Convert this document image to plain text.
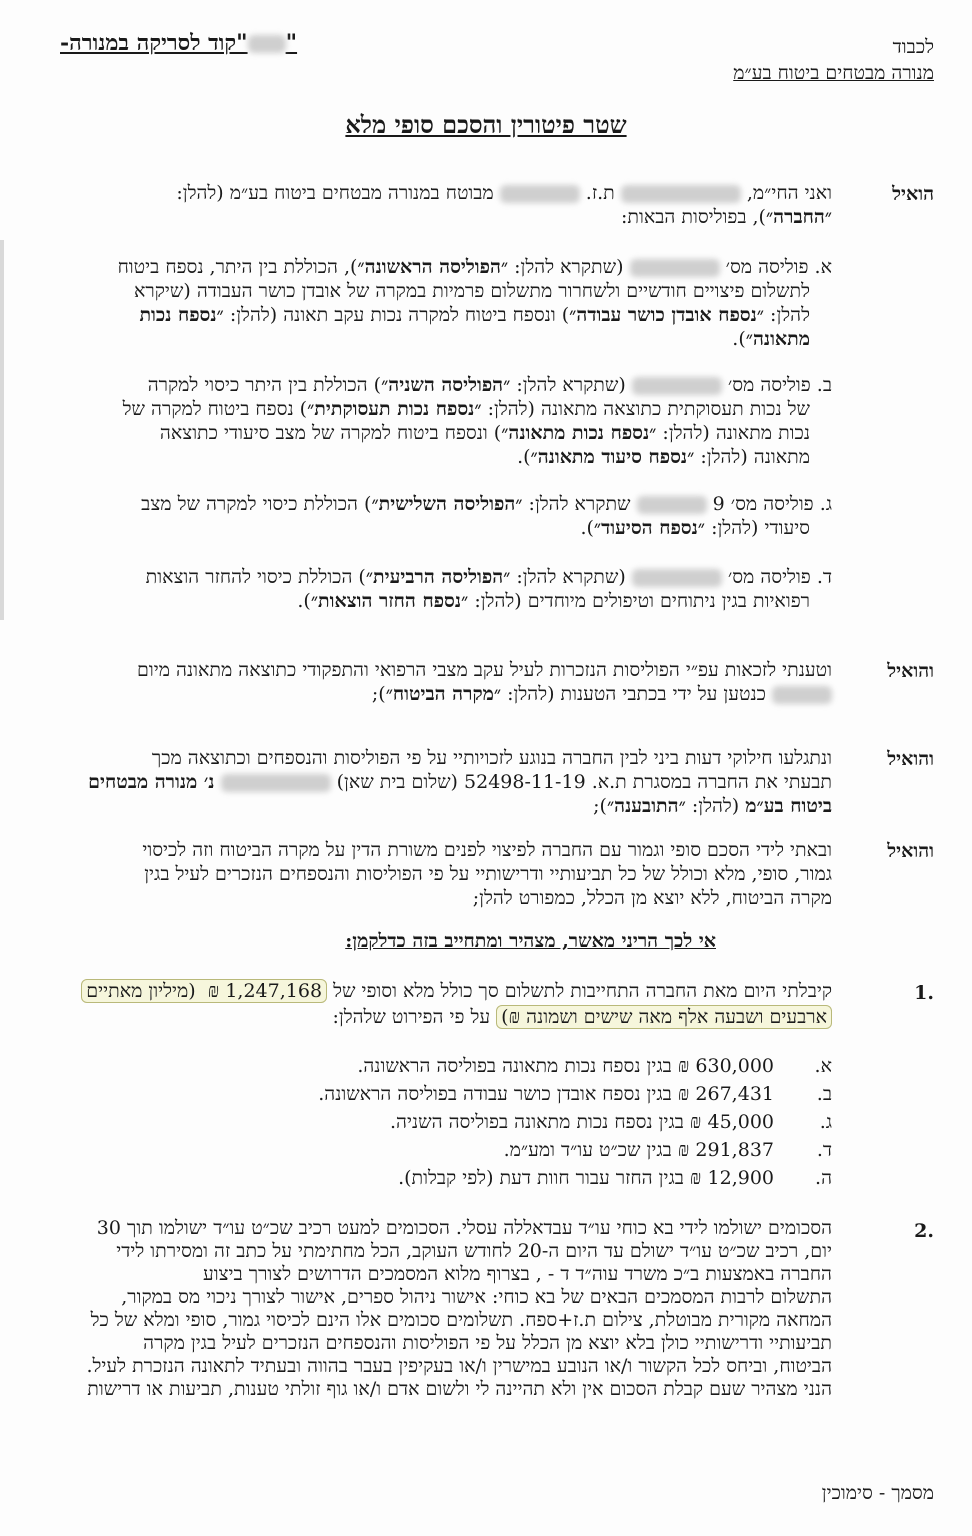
לכבוד
מנורה מבטחים ביטוח בע״מ
""קוד לסריקה במנורה-
שטר פיטורין והסכם סופי מלא
הואיל
ואני החי״מ,  ת.ז.  מבוטח במנורה מבטחים ביטוח בע״מ (להלן:
״החברה״), בפוליסות הבאות:
א. פוליסה מס׳  (שתקרא להלן: ״הפוליסה הראשונה״), הכוללת בין היתר, נספח ביטוח
לתשלום פיצויים חודשיים ולשחרור מתשלום פרמיות במקרה של אובדן כושר העבודה (שיקרא
להלן: ״נספח אובדן כושר עבודה״) ונספח ביטוח למקרה נכות עקב תאונה (להלן: ״נספח נכות
מתאונה״).
ב. פוליסה מס׳  (שתקרא להלן: ״הפוליסה השניה״) הכוללת בין היתר כיסוי למקרה
של נכות תעסוקתית כתוצאה מתאונה (להלן: ״נספח נכות תעסוקתית״) נספח ביטוח למקרה של
נכות מתאונה (להלן: ״נספח נכות מתאונה״) ונספח ביטוח למקרה של מצב סיעודי כתוצאה
מתאונה (להלן: ״נספח סיעוד מתאונה״).
ג. פוליסה מס׳ 9  שתקרא להלן: ״הפוליסה השלישית״) הכוללת כיסוי למקרה של מצב
סיעודי (להלן: ״נספח הסיעוד״).
ד. פוליסה מס׳  (שתקרא להלן: ״הפוליסה הרביעית״) הכוללת כיסוי להחזר הוצאות
רפואיות בגין ניתוחים וטיפולים מיוחדים (להלן: ״נספח החזר הוצאות״).
והואיל
וטענתי לזכאות עפ״י הפוליסות הנזכרות לעיל עקב מצבי הרפואי והתפקודי כתוצאה מתאונה מיום
כנטען על ידי בכתבי הטענות (להלן: ״מקרה הביטוח״);
והואיל
ונתגלעו חילוקי דעות ביני לבין החברה בנוגע לזכויותיי על פי הפוליסות והנספחים וכתוצאה מכך
תבעתי את החברה במסגרת ת.א. 52498-11-19 (שלום בית שאן)  נ׳ מנורה מבטחים
ביטוח בע״מ (להלן: ״התובענה״);
והואיל
ובאתי לידי הסכם סופי וגמור עם החברה לפיצוי לפנים משורת הדין על מקרה הביטוח וזה לכיסוי
גמור, סופי, מלא וכולל של כל תביעותיי ודרישותיי על פי הפוליסות והנספחים הנזכרים לעיל בגין
מקרה הביטוח, ללא יוצא מן הכלל, כמפורט להלן;
אי לכך הריני מאשר, מצהיר ומתחייב בזה כדלקמן:
.1
קיבלתי היום מאת החברה התחייבות לתשלום סך כולל מלא וסופי של 1,247,168 ₪  (מיליון מאתיים
ארבעים ושבעה אלף מאה שישים ושמונה ₪) על פי הפירוט שלהלן:
א.630,000 ₪ בגין נספח נכות מתאונה בפוליסה הראשונה.
ב.267,431 ₪ בגין נספח אובדן כושר עבודה בפוליסה הראשונה.
ג.45,000 ₪ בגין נספח נכות מתאונה בפוליסה השניה.
ד.291,837 ₪ בגין שכ״ט עו״ד ומע״מ.
ה.12,900 ₪ בגין החזר עבור חוות דעת (לפי קבלות).
.2
הסכומים ישולמו לידי בא כוחי עו״ד עבדאללה עסלי. הסכומים למעט רכיב שכ״ט עו״ד ישולמו תוך 30
יום, רכיב שכ״ט עו״ד ישולם עד היום ה-20 לחודש העוקב, הכל מחתימתי על כתב זה ומסירתו לידי
החברה באמצעות ב״כ משרד עוה״ד ד - , בצרוף מלוא המסמכים הדרושים לצורך ביצוע
התשלום לרבות המסמכים הבאים של בא כוחי: אישור ניהול ספרים, אישור לצורך ניכוי מס במקור,
המחאה מקורית מבוטלת, צילום ת.ז+ספח. תשלומים סכומים אלו הינם לכיסוי גמור, סופי ומלא של כל
תביעותיי ודרישותיי כולן בלא יוצא מן הכלל על פי הפוליסות והנספחים הנזכרים לעיל בגין מקרה
הביטוח, וביחס לכל הקשור ו/או הנובע במישרין ו/או בעקיפין בעבר בהווה ובעתיד לתאונה הנזכרת לעיל.
הנני מצהיר שעם קבלת הסכום אין ולא תהיינה לי ולשום אדם ו/או גוף זולתי טענות, תביעות או דרישות
מסמך - סימוכין
